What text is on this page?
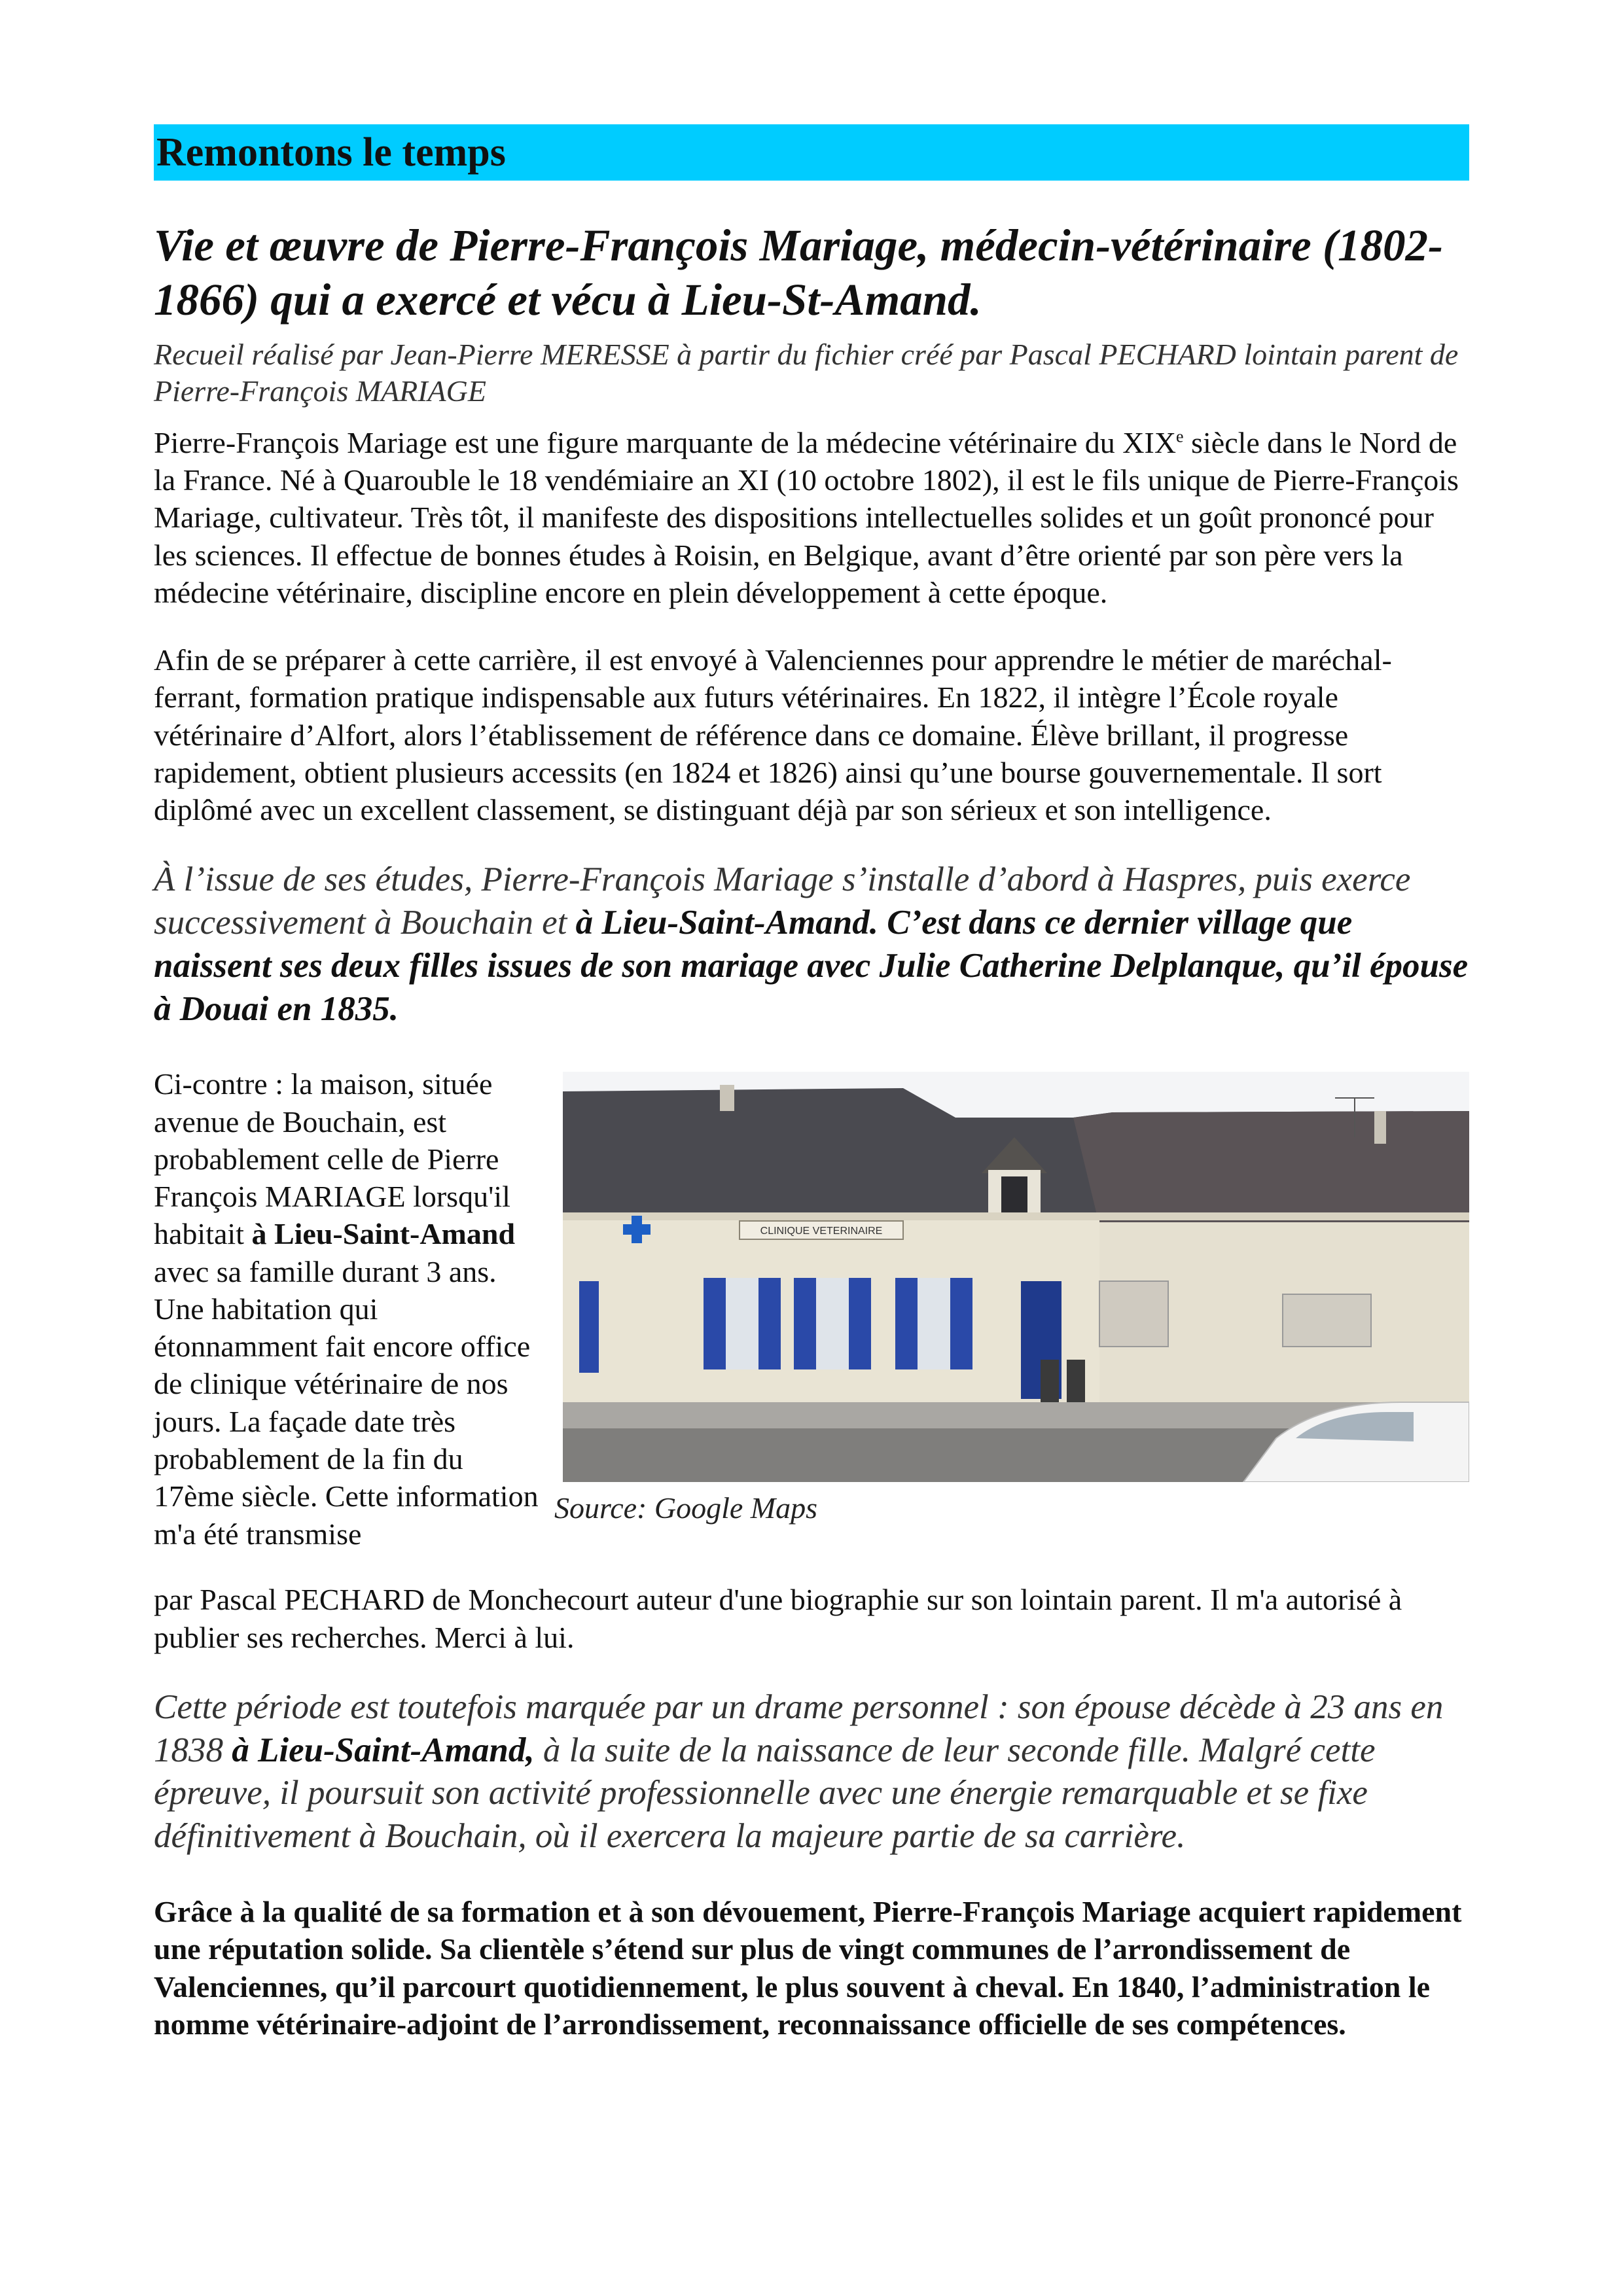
Remontons le temps
Vie et œuvre de Pierre-François Mariage, médecin-vétérinaire (1802-1866) qui a exercé et vécu à Lieu-St-Amand.
Recueil réalisé par Jean-Pierre MERESSE à partir du fichier créé par Pascal PECHARD lointain parent de Pierre-François MARIAGE

Pierre-François Mariage est une figure marquante de la médecine vétérinaire du XIXe siècle dans le Nord de la France. Né à Quarouble le 18 vendémiaire an XI (10 octobre 1802), il est le fils unique de Pierre-François Mariage, cultivateur. Très tôt, il manifeste des dispositions intellectuelles solides et un goût prononcé pour les sciences. Il effectue de bonnes études à Roisin, en Belgique, avant d’être orienté par son père vers la médecine vétérinaire, discipline encore en plein développement à cette époque.

Afin de se préparer à cette carrière, il est envoyé à Valenciennes pour apprendre le métier de maréchal-ferrant, formation pratique indispensable aux futurs vétérinaires. En 1822, il intègre l’École royale vétérinaire d’Alfort, alors l’établissement de référence dans ce domaine. Élève brillant, il progresse rapidement, obtient plusieurs accessits (en 1824 et 1826) ainsi qu’une bourse gouvernementale. Il sort diplômé avec un excellent classement, se distinguant déjà par son sérieux et son intelligence.

À l’issue de ses études, Pierre-François Mariage s’installe d’abord à Haspres, puis exerce successivement à Bouchain et à Lieu-Saint-Amand. C’est dans ce dernier village que naissent ses deux filles issues de son mariage avec Julie Catherine Delplanque, qu’il épouse à Douai en 1835.

Ci-contre : la maison, située avenue de Bouchain, est probablement celle de Pierre François MARIAGE lorsqu'il habitait à Lieu-Saint-Amand avec sa famille durant 3 ans. Une habitation qui étonnamment fait encore office de clinique vétérinaire de nos jours. La façade date très probablement de la fin du 17ème siècle. Cette information m'a été transmise
CLINIQUE VETERINAIRE
Source: Google Maps

par Pascal PECHARD de Monchecourt auteur d'une biographie sur son lointain parent. Il m'a autorisé à publier ses recherches. Merci à lui.

Cette période est toutefois marquée par un drame personnel : son épouse décède à 23 ans en 1838 à Lieu-Saint-Amand, à la suite de la naissance de leur seconde fille. Malgré cette épreuve, il poursuit son activité professionnelle avec une énergie remarquable et se fixe définitivement à Bouchain, où il exercera la majeure partie de sa carrière.

Grâce à la qualité de sa formation et à son dévouement, Pierre-François Mariage acquiert rapidement une réputation solide. Sa clientèle s’étend sur plus de vingt communes de l’arrondissement de Valenciennes, qu’il parcourt quotidiennement, le plus souvent à cheval. En 1840, l’administration le nomme vétérinaire-adjoint de l’arrondissement, reconnaissance officielle de ses compétences.
